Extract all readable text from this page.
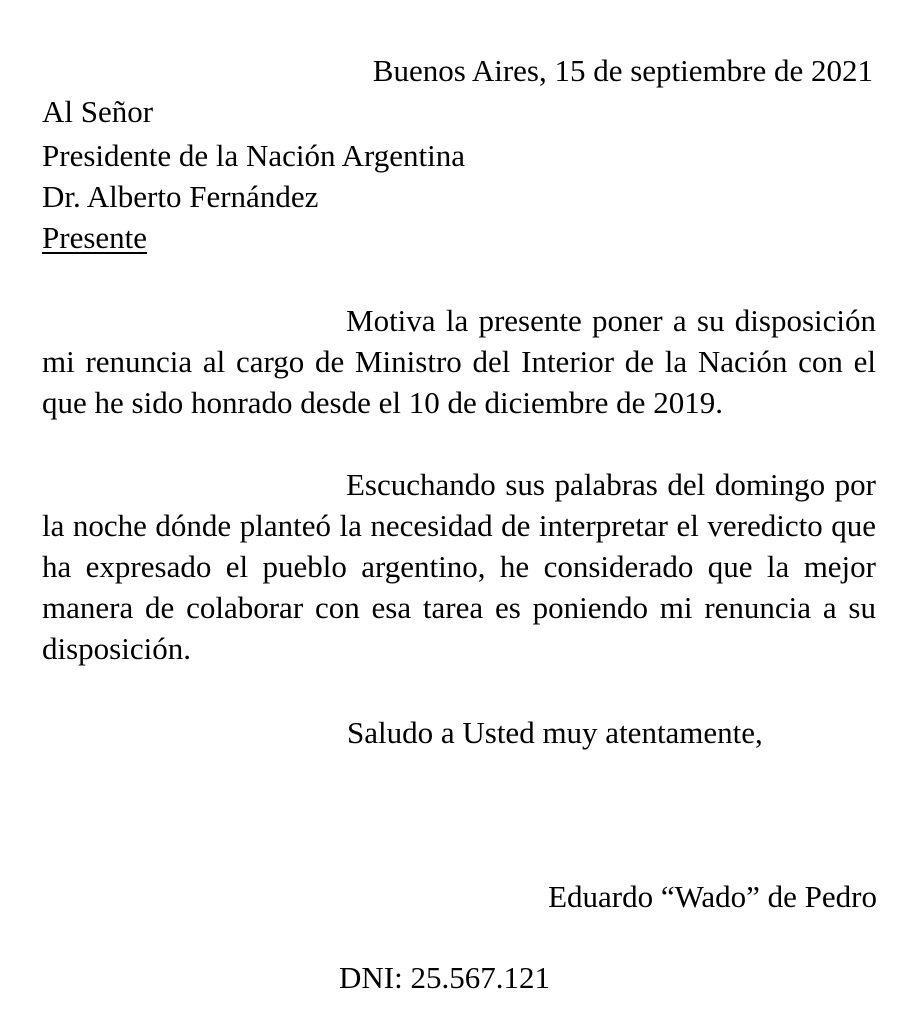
Buenos Aires, 15 de septiembre de 2021
Al Señor
Presidente de la Nación Argentina
Dr. Alberto Fernández
Presente

Motiva la presente poner a su disposición mi renuncia al cargo de Ministro del Interior de la Nación con el que he sido honrado desde el 10 de diciembre de 2019.

Escuchando sus palabras del domingo por la noche dónde planteó la necesidad de interpretar el veredicto que ha expresado el pueblo argentino, he considerado que la mejor manera de colaborar con esa tarea es poniendo mi renuncia a su disposición.

Saludo a Usted muy atentamente,
Eduardo “Wado” de Pedro
DNI: 25.567.121
